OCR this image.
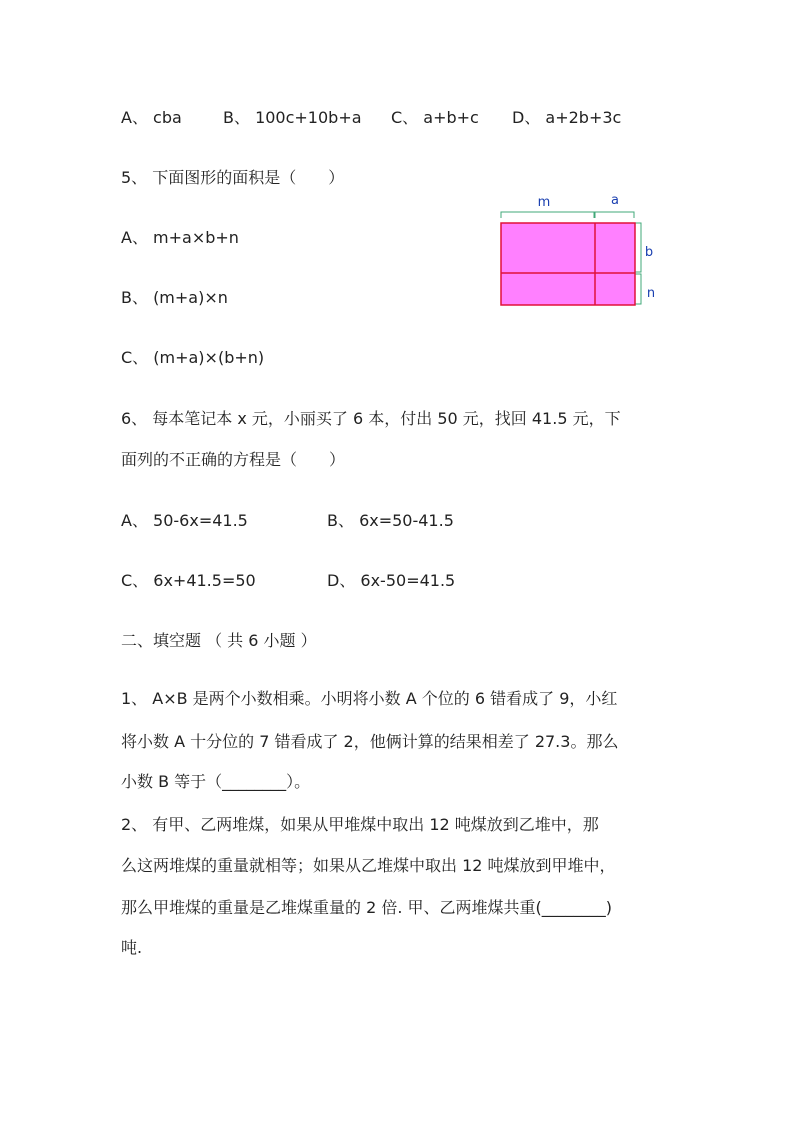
A、 cba	B、 100c+10b+a C、 a+b+c D、 a+2b+3c
5、 下面图形的面积是（　　）
A、 m+a×b+n
B、 (m+a)×n
C、 (m+a)×(b+n)
m	a
b
n
6、 每本笔记本 x 元，小丽买了 6 本，付出 50 元，找回 41.5 元，下
面列的不正确的方程是（　　）
A、 50-6x=41.5	B、 6x=50-41.5
C、 6x+41.5=50	D、 6x-50=41.5
二、填空题 （ 共 6 小题 ）
1、 A×B 是两个小数相乘。小明将小数 A 个位的 6 错看成了 9，小红
将小数 A 十分位的 7 错看成了 2，他俩计算的结果相差了 27.3。那么
小数 B 等于（________）。
2、 有甲、乙两堆煤，如果从甲堆煤中取出 12 吨煤放到乙堆中，那
么这两堆煤的重量就相等；如果从乙堆煤中取出 12 吨煤放到甲堆中，
那么甲堆煤的重量是乙堆煤重量的 2 倍. 甲、乙两堆煤共重(________)
吨.
